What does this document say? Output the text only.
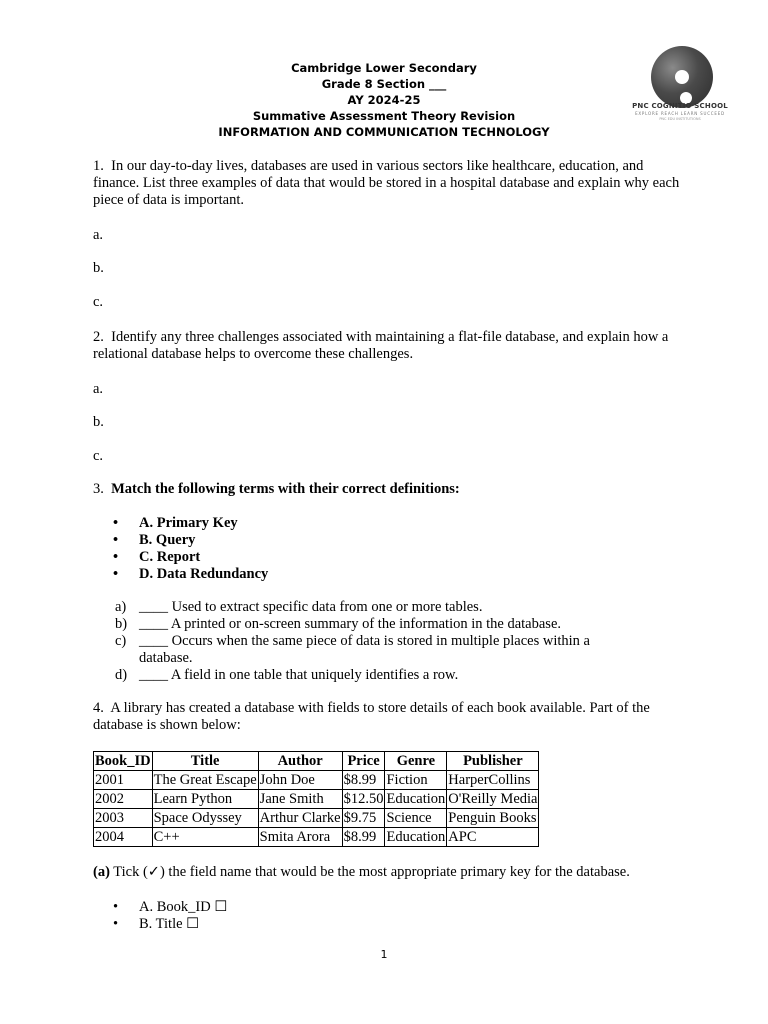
Cambridge Lower Secondary
Grade 8 Section ___
AY 2024-25
Summative Assessment Theory Revision
INFORMATION AND COMMUNICATION TECHNOLOGY
PNC COGNITIO SCHOOL
EXPLORE REACH LEARN SUCCEED
PNC EDU INSTITUTIONS
1. In our day-to-day lives, databases are used in various sectors like healthcare, education, and finance. List three examples of data that would be stored in a hospital database and explain why each piece of data is important.
a.
b.
c.
2. Identify any three challenges associated with maintaining a flat-file database, and explain how a relational database helps to overcome these challenges.
a.
b.
c.
3. Match the following terms with their correct definitions:
• A. Primary Key
• B. Query
• C. Report
• D. Data Redundancy
a) ____ Used to extract specific data from one or more tables.
b) ____ A printed or on-screen summary of the information in the database.
c) ____ Occurs when the same piece of data is stored in multiple places within a database.
d) ____ A field in one table that uniquely identifies a row.
4. A library has created a database with fields to store details of each book available. Part of the database is shown below:
Book_ID	Title	Author	Price	Genre	Publisher
2001	The Great Escape	John Doe	$8.99	Fiction	HarperCollins
2002	Learn Python	Jane Smith	$12.50	Education	O'Reilly Media
2003	Space Odyssey	Arthur Clarke	$9.75	Science	Penguin Books
2004	C++	Smita Arora	$8.99	Education	APC
(a) Tick (✓) the field name that would be the most appropriate primary key for the database.
• A. Book_ID ☐
• B. Title ☐
1
